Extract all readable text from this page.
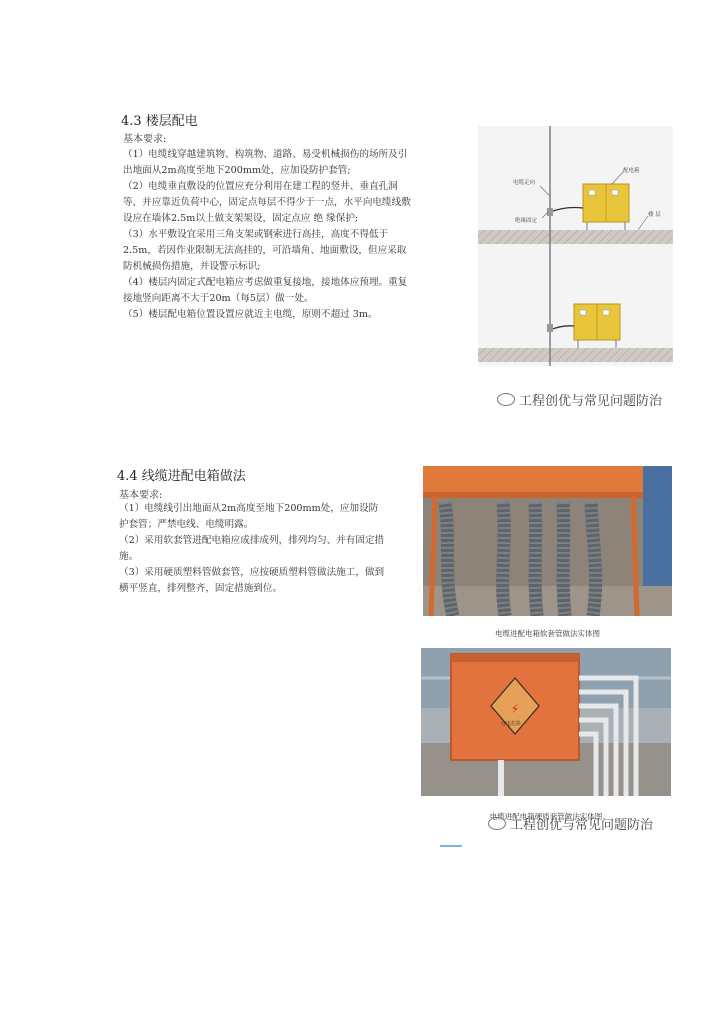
4.3 楼层配电
基本要求:
（1）电缆线穿越建筑物、构筑物、道路、易受机械损伤的场所及引出地面从2m高度至地下200mm处，应加设防护套管;
（2）电缆垂直敷设的位置应充分利用在建工程的竖井、垂直孔洞等，并应靠近负荷中心，固定点每层不得少于一点，水平向电缆线敷设应在墙体2.5m以上做支架架设，固定点应 绝 缘保护;
（3）水平敷设宜采用三角支架或钢索进行高挂，高度不得低于2.5m，若因作业限制无法高挂的，可沿墙角、地面敷设，但应采取防机械损伤措施，并设警示标识;
（4）楼层内固定式配电箱应考虑做重复接地，接地体应预埋。重复接地竖向距离不大于20m（每5层）做一处。
（5）楼层配电箱位置设置应就近主电缆，原则不超过 3m。
电缆走向
配电箱
绝缘固定
楼 层
工程创优与常见问题防治
4.4 线缆进配电箱做法
基本要求:
（1）电缆线引出地面从2m高度至地下200mm处，应加设防护套管；严禁电线、电缆明露。
（2）采用软套管进配电箱应成排成列，排列均匀、并有固定措施。
（3）采用硬质塑料管做套管，应按硬质塑料管做法施工，做到横平竖直，排列整齐，固定措施到位。
电缆进配电箱软套管做法实体图
⚡
有电危险
电缆进配电箱硬质套管做法实体图
工程创优与常见问题防治
